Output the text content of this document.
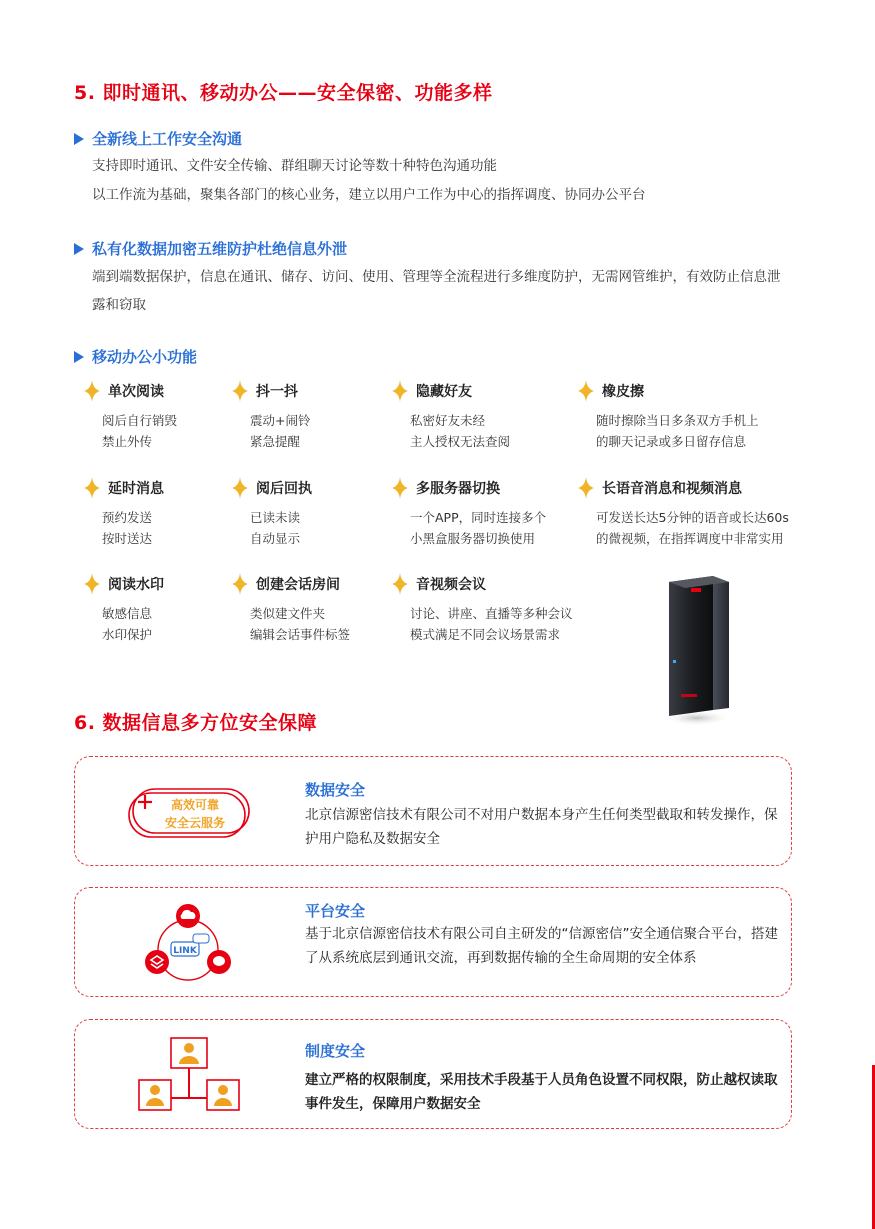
5. 即时通讯、移动办公——安全保密、功能多样
全新线上工作安全沟通
支持即时通讯、文件安全传输、群组聊天讨论等数十种特色沟通功能
以工作流为基础，聚集各部门的核心业务，建立以用户工作为中心的指挥调度、协同办公平台
私有化数据加密五维防护杜绝信息外泄
端到端数据保护，信息在通讯、储存、访问、使用、管理等全流程进行多维度防护，无需网管维护，有效防止信息泄
露和窃取
移动办公小功能
单次阅读
阅后自行销毁
禁止外传
抖一抖
震动+闹铃
紧急提醒
隐藏好友
私密好友未经
主人授权无法查阅
橡皮擦
随时擦除当日多条双方手机上
的聊天记录或多日留存信息
延时消息
预约发送
按时送达
阅后回执
已读未读
自动显示
多服务器切换
一个APP，同时连接多个
小黑盒服务器切换使用
长语音消息和视频消息
可发送长达5分钟的语音或长达60s
的微视频，在指挥调度中非常实用
阅读水印
敏感信息
水印保护
创建会话房间
类似建文件夹
编辑会话事件标签
音视频会议
讨论、讲座、直播等多种会议
模式满足不同会议场景需求
6. 数据信息多方位安全保障
高效可靠
安全云服务
数据安全
北京信源密信技术有限公司不对用户数据本身产生任何类型截取和转发操作，保护用户隐私及数据安全
LINK
平台安全
基于北京信源密信技术有限公司自主研发的“信源密信”安全通信聚合平台，搭建了从系统底层到通讯交流，再到数据传输的全生命周期的安全体系
制度安全
建立严格的权限制度，采用技术手段基于人员角色设置不同权限，防止越权读取事件发生，保障用户数据安全
